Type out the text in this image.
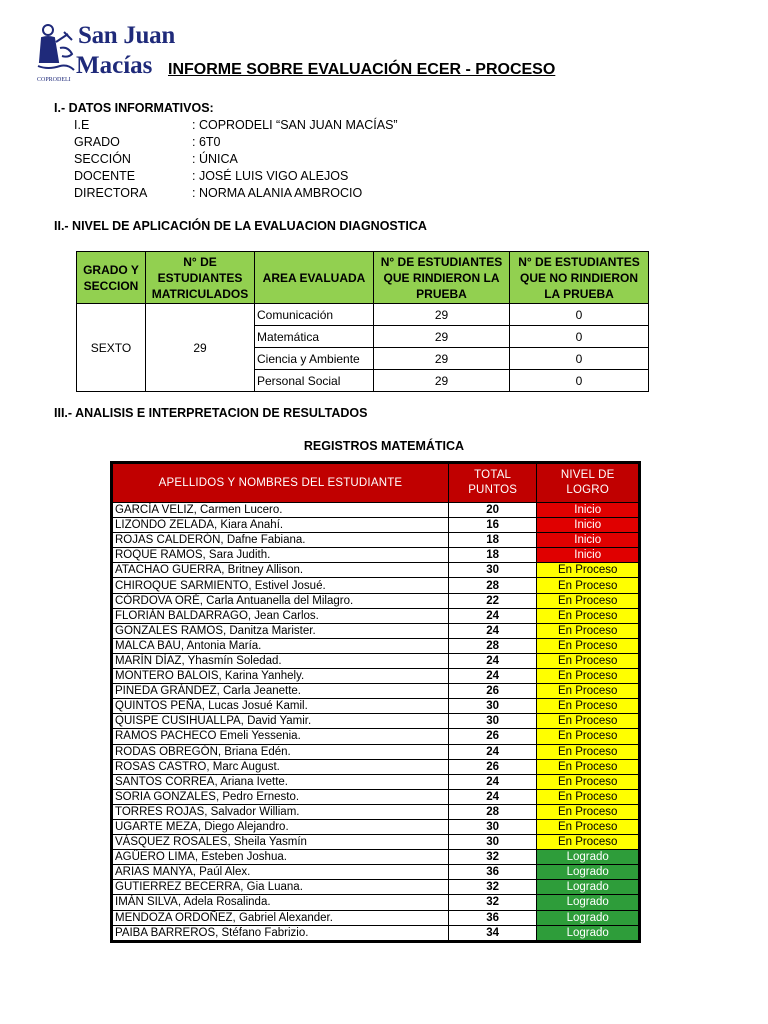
San Juan
Macías
COPRODELI
INFORME SOBRE EVALUACIÓN ECER - PROCESO
I.- DATOS INFORMATIVOS:
I.E	: COPRODELI “SAN JUAN MACÍAS”
GRADO	: 6T0
SECCIÓN	: ÚNICA
DOCENTE	: JOSÉ LUIS VIGO ALEJOS
DIRECTORA	: NORMA ALANIA AMBROCIO
II.- NIVEL DE APLICACIÓN DE LA EVALUACION DIAGNOSTICA
GRADO Y SECCION	N° DE ESTUDIANTES MATRICULADOS	AREA EVALUADA	N° DE ESTUDIANTES QUE RINDIERON LA PRUEBA	N° DE ESTUDIANTES QUE NO RINDIERON LA PRUEBA
SEXTO	29	Comunicación	29	0
		Matemática	29	0
		Ciencia y Ambiente	29	0
		Personal Social	29	0
III.- ANALISIS E INTERPRETACION DE RESULTADOS
REGISTROS MATEMÁTICA
APELLIDOS Y NOMBRES DEL ESTUDIANTE	TOTAL PUNTOS	NIVEL DE LOGRO
GARCÍA VELIZ, Carmen Lucero.	20	Inicio
LIZONDO ZELADA, Kiara Anahí.	16	Inicio
ROJAS CALDERÓN, Dafne Fabiana.	18	Inicio
ROQUE RAMOS, Sara Judith.	18	Inicio
ATACHAO GUERRA, Britney Allison.	30	En Proceso
CHIROQUE SARMIENTO, Estivel Josué.	28	En Proceso
CÓRDOVA ORÉ, Carla Antuanella del Milagro.	22	En Proceso
FLORIÁN BALDARRAGO, Jean Carlos.	24	En Proceso
GONZALES RAMOS, Danitza Marister.	24	En Proceso
MALCA BAU, Antonia María.	28	En Proceso
MARÍN DÍAZ, Yhasmín Soledad.	24	En Proceso
MONTERO BALOIS, Karina Yanhely.	24	En Proceso
PINEDA GRÁNDEZ, Carla Jeanette.	26	En Proceso
QUINTOS PEÑA, Lucas Josué Kamil.	30	En Proceso
QUISPE CUSIHUALLPA, David Yamir.	30	En Proceso
RAMOS PACHECO Emeli Yessenia.	26	En Proceso
RODAS OBREGÓN, Briana Edén.	24	En Proceso
ROSAS CASTRO, Marc August.	26	En Proceso
SANTOS CORREA, Ariana Ivette.	24	En Proceso
SORIA GONZALES, Pedro Ernesto.	24	En Proceso
TORRES ROJAS, Salvador William.	28	En Proceso
UGARTE MEZA, Diego Alejandro.	30	En Proceso
VÁSQUEZ ROSALES, Sheila Yasmín	30	En Proceso
AGÜERO LIMA, Esteben Joshua.	32	Logrado
ARIAS MANYA, Paúl Alex.	36	Logrado
GUTIERREZ BECERRA, Gia Luana.	32	Logrado
IMÁN SILVA, Adela Rosalinda.	32	Logrado
MENDOZA ORDOÑEZ, Gabriel Alexander.	36	Logrado
PAIBA BARREROS, Stéfano Fabrizio.	34	Logrado
